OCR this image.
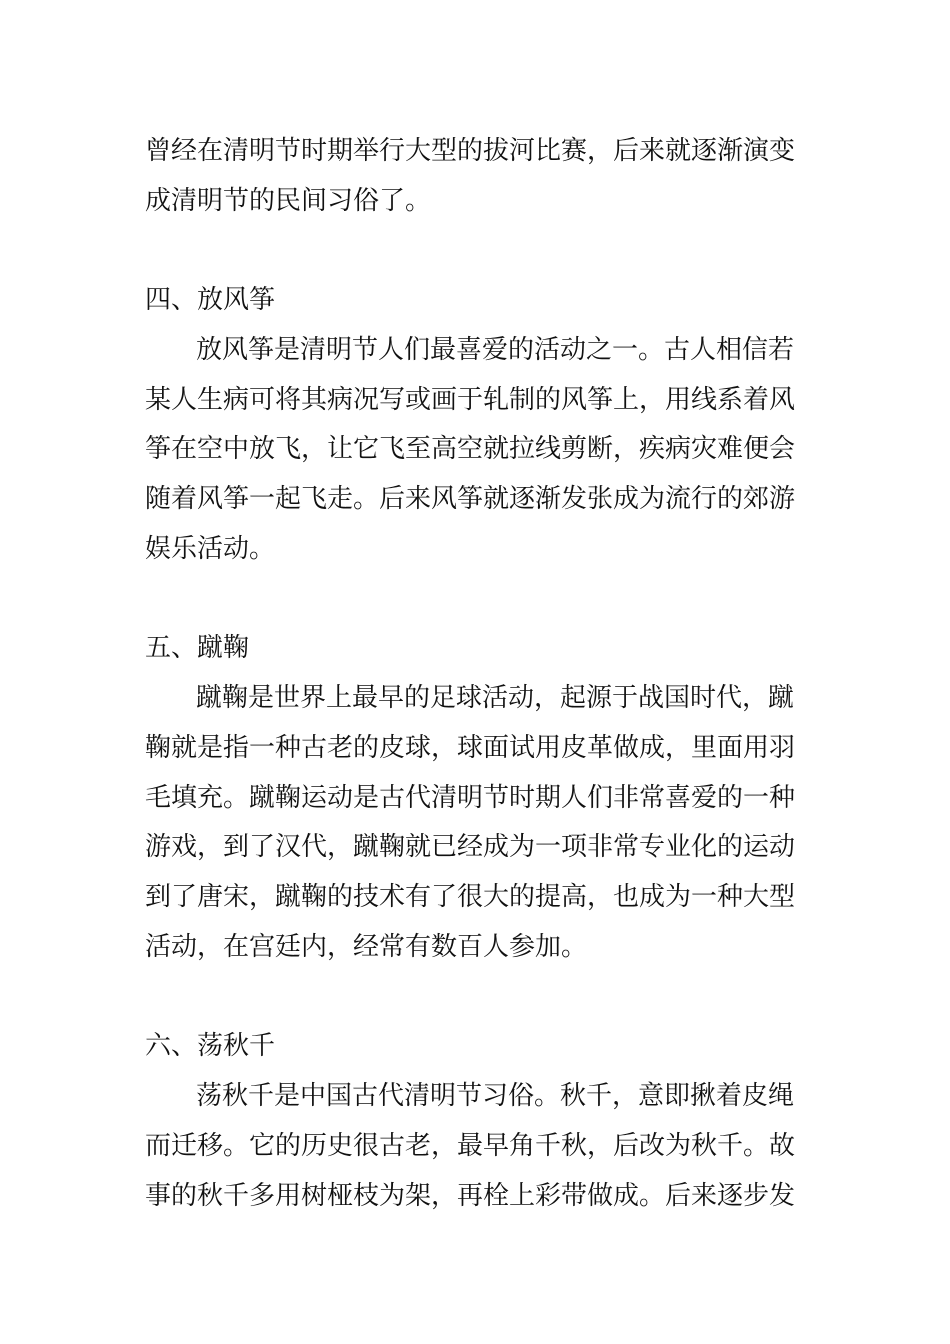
曾经在清明节时期举行大型的拔河比赛，后来就逐渐演变
成清明节的民间习俗了。
四、放风筝
放风筝是清明节人们最喜爱的活动之一。古人相信若
某人生病可将其病况写或画于轧制的风筝上，用线系着风
筝在空中放飞，让它飞至高空就拉线剪断，疾病灾难便会
随着风筝一起飞走。后来风筝就逐渐发张成为流行的郊游
娱乐活动。
五、蹴鞠
蹴鞠是世界上最早的足球活动，起源于战国时代，蹴
鞠就是指一种古老的皮球，球面试用皮革做成，里面用羽
毛填充。蹴鞠运动是古代清明节时期人们非常喜爱的一种
游戏，到了汉代，蹴鞠就已经成为一项非常专业化的运动
到了唐宋，蹴鞠的技术有了很大的提高，也成为一种大型
活动，在宫廷内，经常有数百人参加。
六、荡秋千
荡秋千是中国古代清明节习俗。秋千，意即揪着皮绳
而迁移。它的历史很古老，最早角千秋，后改为秋千。故
事的秋千多用树桠枝为架，再栓上彩带做成。后来逐步发
